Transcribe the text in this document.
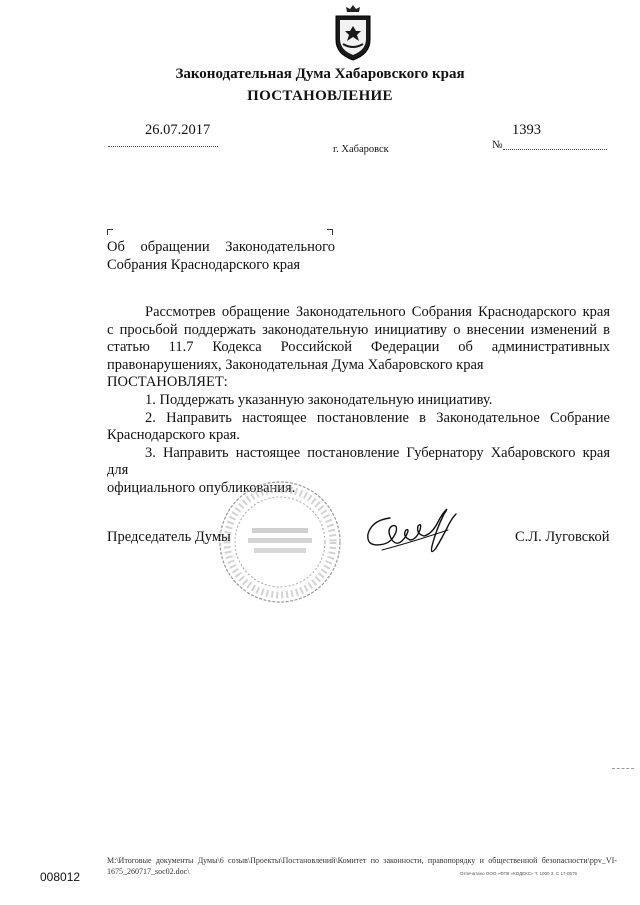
Законодательная Дума Хабаровского края
ПОСТАНОВЛЕНИЕ
26.07.2017	1393
№
г. Хабаровск
Об обращении Законодательного
Собрания Краснодарского края

Рассмотрев обращение Законодательного Собрания Краснодарского края

с просьбой поддержать законодательную инициативу о внесении изменений в

статью 11.7 Кодекса Российской Федерации об административных

правонарушениях, Законодательная Дума Хабаровского края

ПОСТАНОВЛЯЕТ:

1. Поддержать указанную законодательную инициативу.

2. Направить настоящее постановление в Законодательное Собрание

Краснодарского края.

3. Направить настоящее постановление Губернатору Хабаровского края для

официального опубликования.

Председатель Думы	С.Л. Луговской
M:\Итоговые документы Думы\6 созыв\Проекты\Постановлений\Комитет по законности, правопорядку и общественной безопасности\ppv_VI-1675_260717_soc02.doc\
008012	Отпечатано ООО «ФПК «КОДЕКС» Т. 1000 З. С 17-0575
